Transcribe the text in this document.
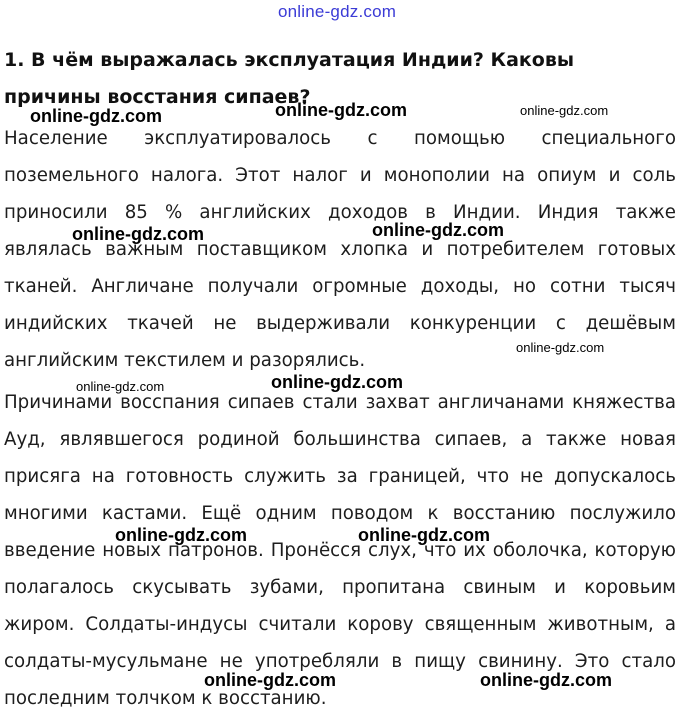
online-gdz.com
1. В чём выражалась эксплуатация Индии? Каковы причины восстания сипаев?

Население эксплуатировалось с помощью специального поземельного налога. Этот налог и монополии на опиум и соль приносили 85 % английских доходов в Индии. Индия также являлась важным поставщиком хлопка и потребителем готовых тканей. Англичане получали огромные доходы, но сотни тысяч индийских ткачей не выдерживали конкуренции с дешёвым английским текстилем и разорялись.

Причинами восспания сипаев стали захват англичанами княжества Ауд, являвшегося родиной большинства сипаев, а также новая присяга на готовность служить за границей, что не допускалось многими кастами. Ещё одним поводом к восстанию послужило введение новых патронов. Пронёсся слух, что их оболочка, которую полагалось скусывать зубами, пропитана свиным и коровьим жиром. Солдаты-индусы считали корову священным животным, а солдаты-мусульмане не употребляли в пищу свинину. Это стало последним толчком к восстанию.

online-gdz.com	online-gdz.com	online-gdz.com
online-gdz.com	online-gdz.com
online-gdz.com
online-gdz.com	online-gdz.com
online-gdz.com	online-gdz.com
online-gdz.com	online-gdz.com
